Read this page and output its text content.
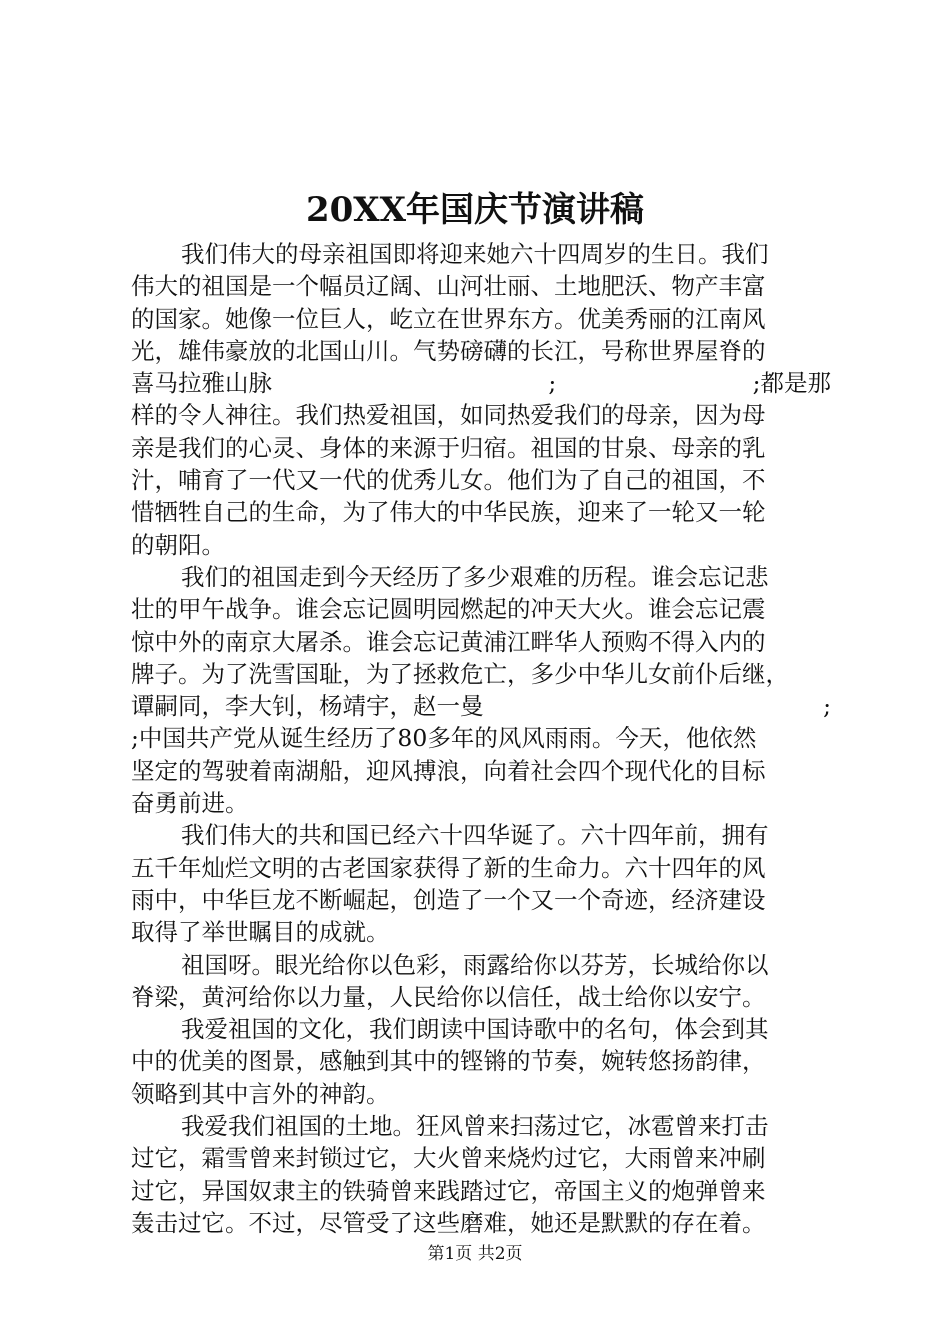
20XX年国庆节演讲稿
我们伟大的母亲祖国即将迎来她六十四周岁的生日。我们
伟大的祖国是一个幅员辽阔、山河壮丽、土地肥沃、物产丰富
的国家。她像一位巨人，屹立在世界东方。优美秀丽的江南风
光，雄伟豪放的北国山川。气势磅礴的长江，号称世界屋脊的
喜马拉雅山脉	;	;都是那
样的令人神往。我们热爱祖国，如同热爱我们的母亲，因为母
亲是我们的心灵、身体的来源于归宿。祖国的甘泉、母亲的乳
汁，哺育了一代又一代的优秀儿女。他们为了自己的祖国，不
惜牺牲自己的生命，为了伟大的中华民族，迎来了一轮又一轮
的朝阳。
我们的祖国走到今天经历了多少艰难的历程。谁会忘记悲
壮的甲午战争。谁会忘记圆明园燃起的冲天大火。谁会忘记震
惊中外的南京大屠杀。谁会忘记黄浦江畔华人预购不得入内的
牌子。为了洗雪国耻，为了拯救危亡，多少中华儿女前仆后继，
谭嗣同，李大钊，杨靖宇，赵一曼	;
;中国共产党从诞生经历了80多年的风风雨雨。今天，他依然
坚定的驾驶着南湖船，迎风搏浪，向着社会四个现代化的目标
奋勇前进。
我们伟大的共和国已经六十四华诞了。六十四年前，拥有
五千年灿烂文明的古老国家获得了新的生命力。六十四年的风
雨中，中华巨龙不断崛起，创造了一个又一个奇迹，经济建设
取得了举世瞩目的成就。
祖国呀。眼光给你以色彩，雨露给你以芬芳，长城给你以
脊梁，黄河给你以力量，人民给你以信任，战士给你以安宁。
我爱祖国的文化，我们朗读中国诗歌中的名句，体会到其
中的优美的图景，感触到其中的铿锵的节奏，婉转悠扬韵律，
领略到其中言外的神韵。
我爱我们祖国的土地。狂风曾来扫荡过它，冰雹曾来打击
过它，霜雪曾来封锁过它，大火曾来烧灼过它，大雨曾来冲刷
过它，异国奴隶主的铁骑曾来践踏过它，帝国主义的炮弹曾来
轰击过它。不过，尽管受了这些磨难，她还是默默的存在着。
第1页 共2页
